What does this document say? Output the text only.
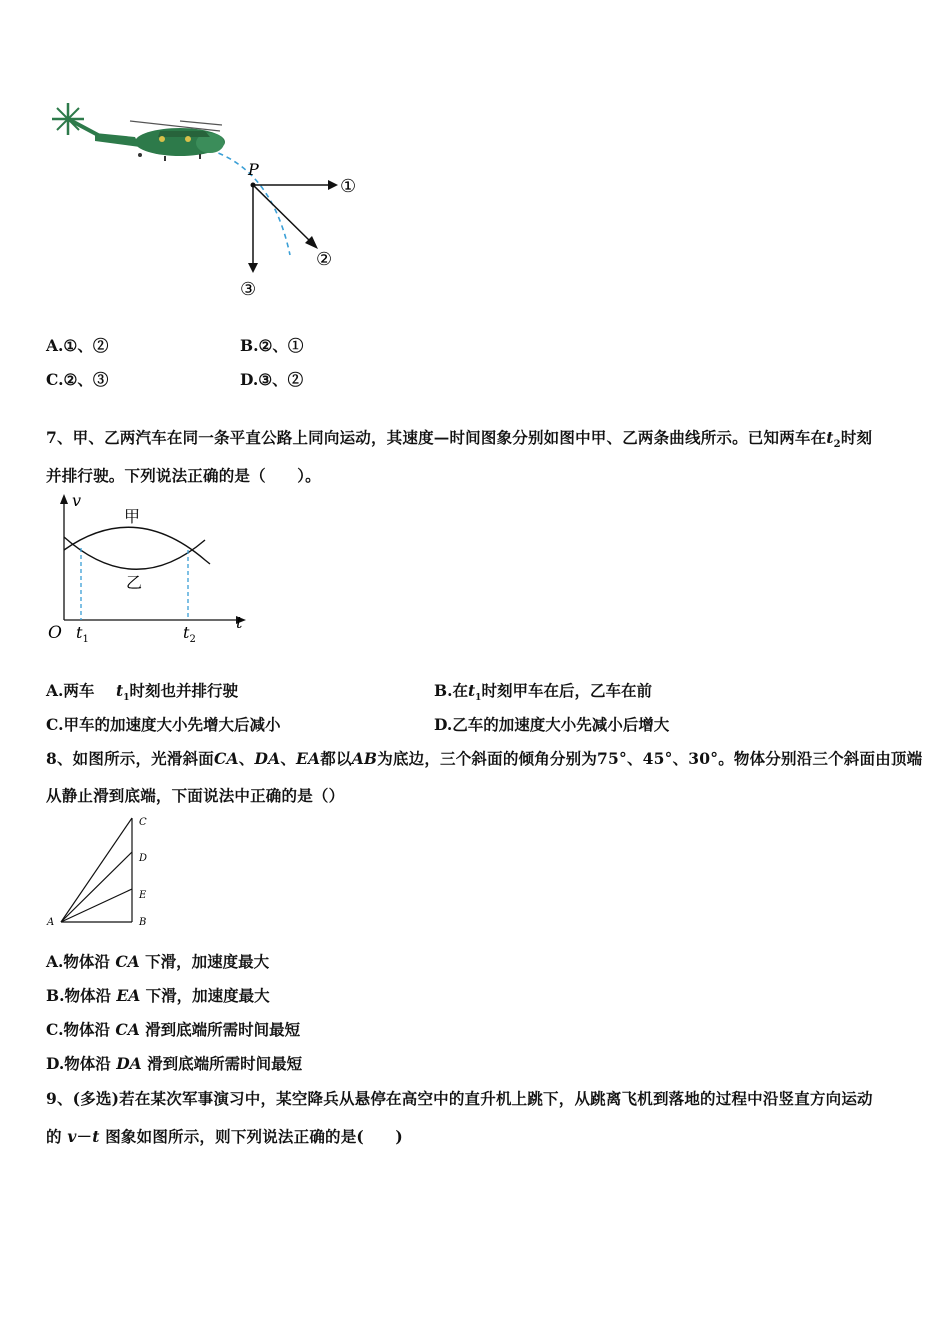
P
①
②
③
A.①、②	B.②、①
C.②、③	D.③、②
7、甲、乙两汽车在同一条平直公路上同向运动，其速度—时间图象分别如图中甲、乙两条曲线所示。已知两车在$t_2$时刻
并排行驶。下列说法正确的是（　　）。
v
t
O
甲
乙
$t_1$	$t_2$
A.两车 $t_1$时刻也并排行驶	B.在$t_1$时刻甲车在后，乙车在前
C.甲车的加速度大小先增大后减小	D.乙车的加速度大小先减小后增大
8、如图所示，光滑斜面CA、DA、EA都以AB为底边，三个斜面的倾角分别为75°、45°、30°。物体分别沿三个斜面由顶端
从静止滑到底端，下面说法中正确的是（）
A	B
C
D
E
A.物体沿 CA 下滑，加速度最大
B.物体沿 EA 下滑，加速度最大
C.物体沿 CA 滑到底端所需时间最短
D.物体沿 DA 滑到底端所需时间最短
9、(多选)若在某次军事演习中，某空降兵从悬停在高空中的直升机上跳下，从跳离飞机到落地的过程中沿竖直方向运动
的 v－t 图象如图所示，则下列说法正确的是(　　)
